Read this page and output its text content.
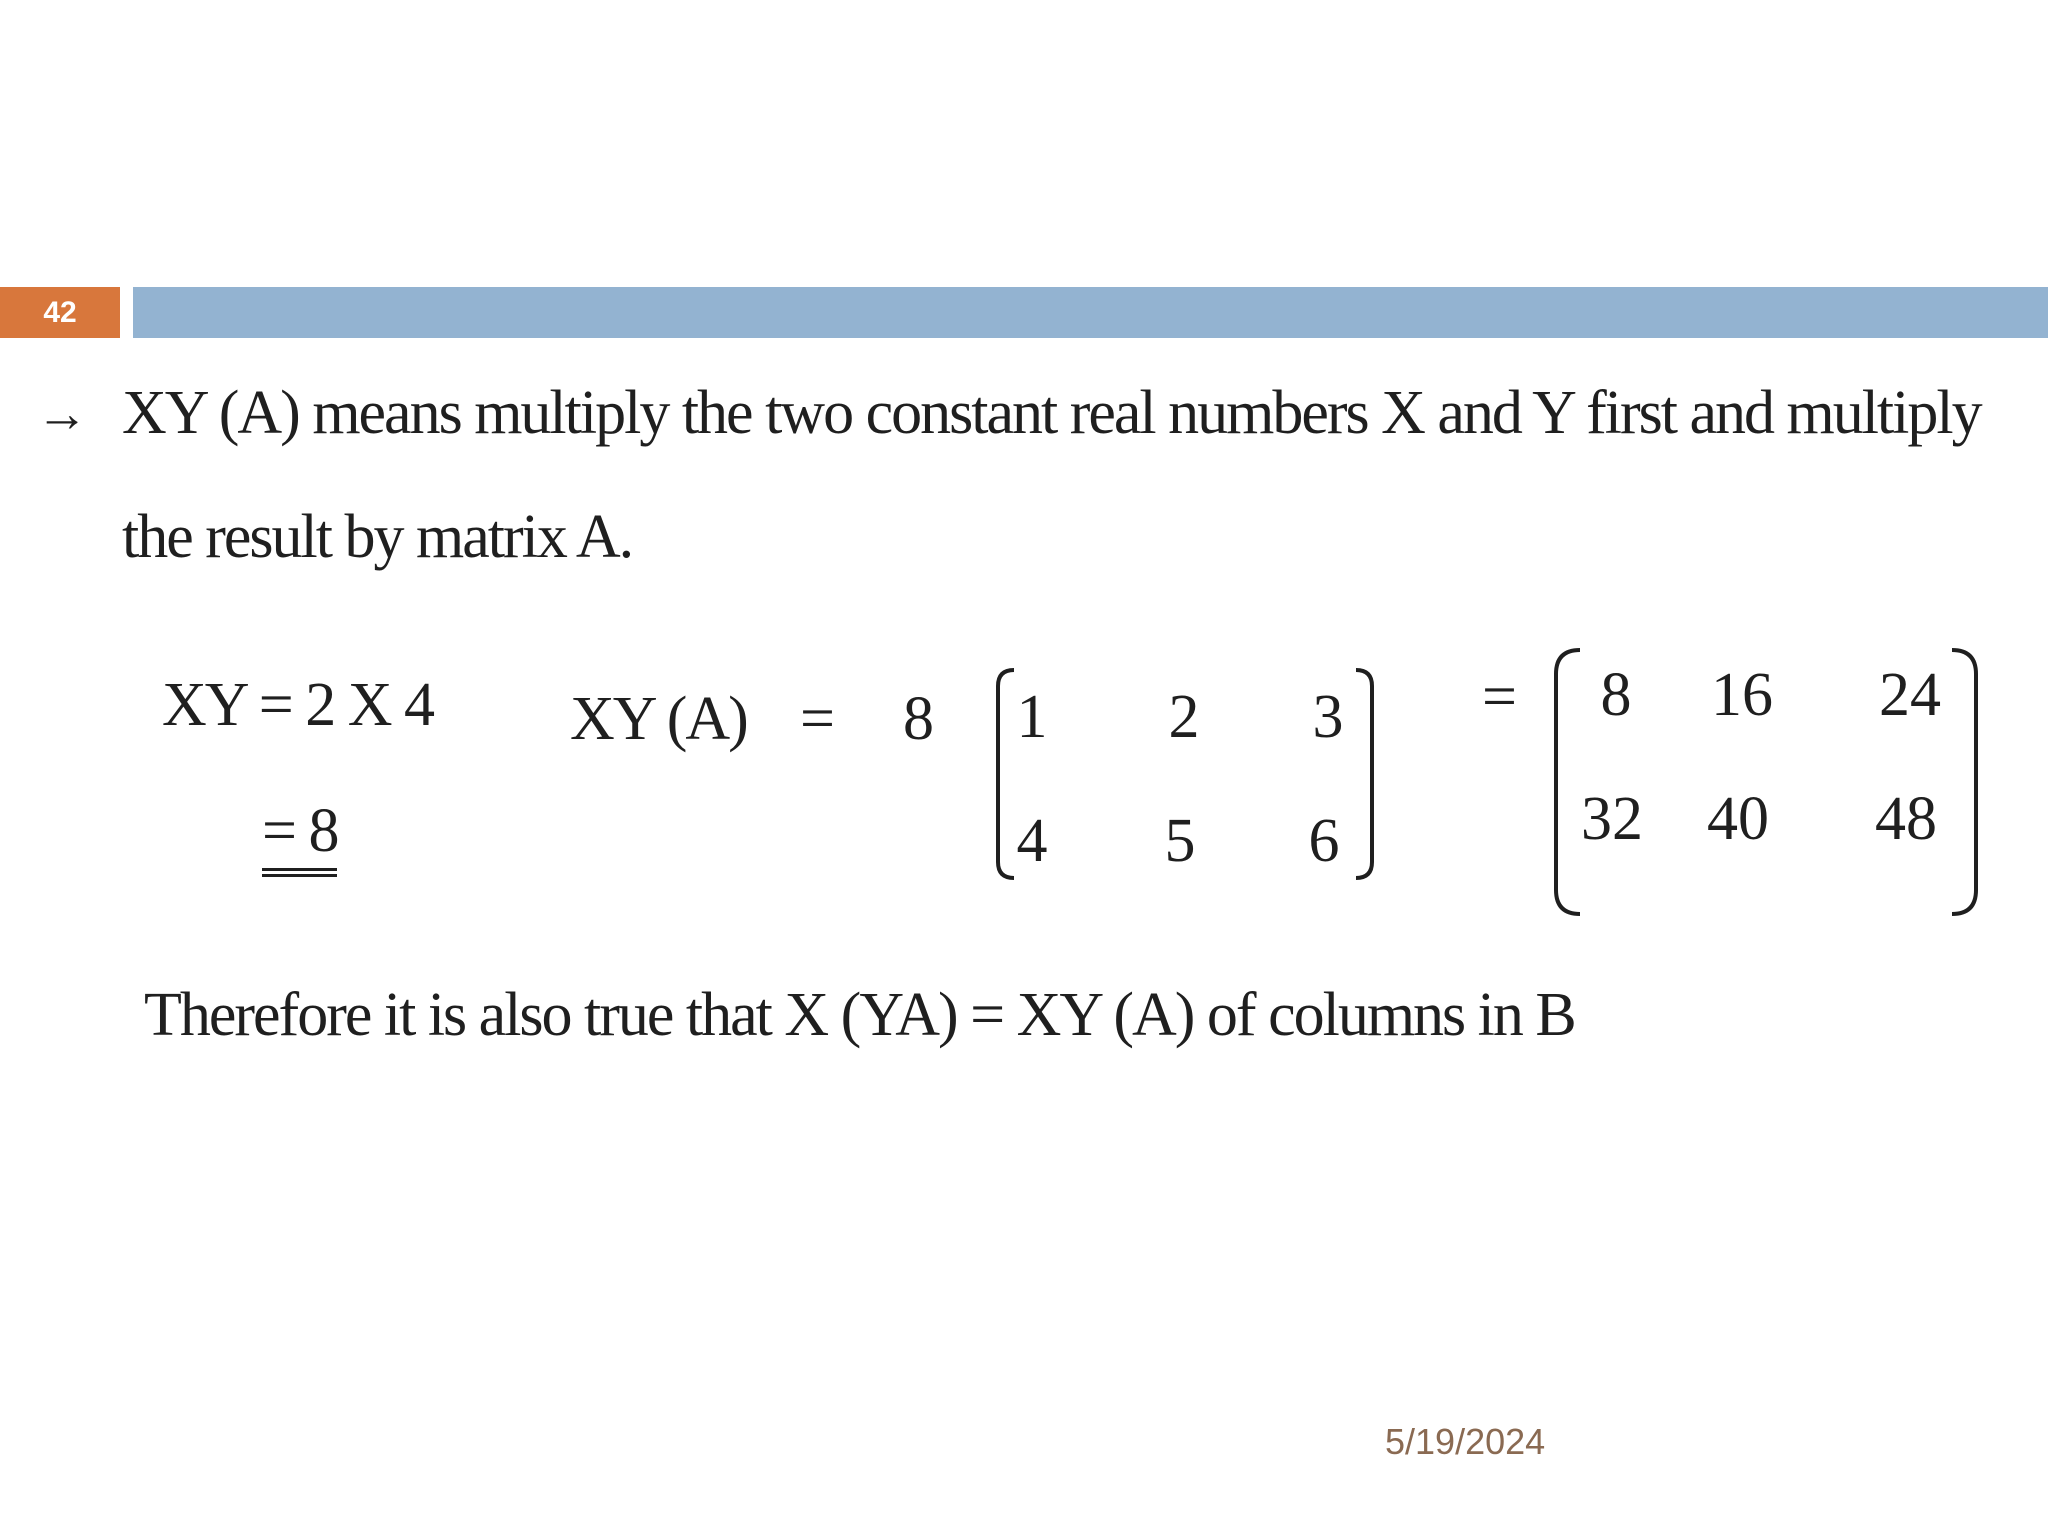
42
→ XY (A) means multiply the two constant real numbers X and Y first and multiply
the result by matrix A.
XY = 2 X 4
= 8
XY (A) = 8	1	2	3
4	5	6
=	8	16 24
32 40 48
Therefore it is also true that X (YA) = XY (A) of columns in B
5/19/2024
